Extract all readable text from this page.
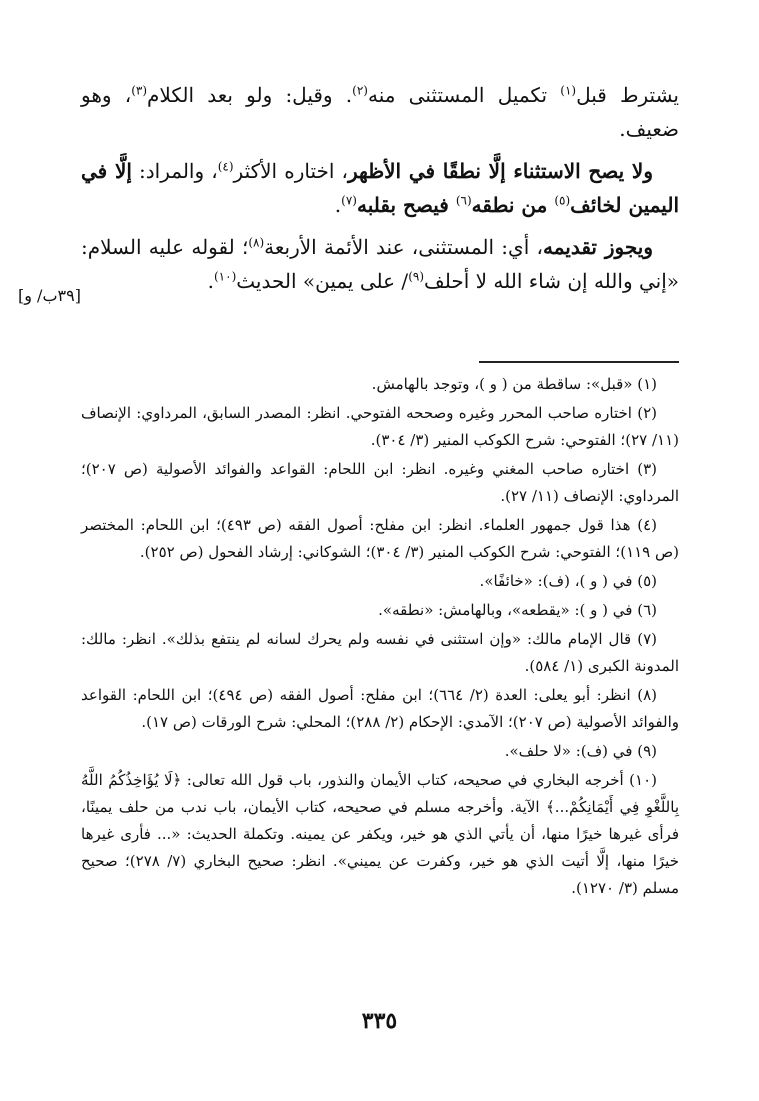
يشترط قبل$^{(١)}$ تكميل المستثنى منه$^{(٢)}$. وقيل: ولو بعد الكلام$^{(٣)}$، وهو ضعيف.

ولا يصح الاستثناء إلَّا نطقًا في الأظهر، اختاره الأكثر$^{(٤)}$، والمراد: إلَّا في اليمين لخائف$^{(٥)}$ من نطقه$^{(٦)}$ فيصح بقلبه$^{(٧)}$.

ويجوز تقديمه، أي: المستثنى، عند الأئمة الأربعة$^{(٨)}$؛ لقوله عليه السلام: «إني والله إن شاء الله لا أحلف$^{(٩)}$/ على يمين» الحديث$^{(١٠)}$.

[٣٩ب/ و]

(١) «قبل»: ساقطة من ( و )، وتوجد بالهامش.

(٢) اختاره صاحب المحرر وغيره وصححه الفتوحي. انظر: المصدر السابق، المرداوي: الإنصاف (١١/ ٢٧)؛ الفتوحي: شرح الكوكب المنير (٣/ ٣٠٤).

(٣) اختاره صاحب المغني وغيره. انظر: ابن اللحام: القواعد والفوائد الأصولية (ص ٢٠٧)؛ المرداوي: الإنصاف (١١/ ٢٧).

(٤) هذا قول جمهور العلماء. انظر: ابن مفلح: أصول الفقه (ص ٤٩٣)؛ ابن اللحام: المختصر (ص ١١٩)؛ الفتوحي: شرح الكوكب المنير (٣/ ٣٠٤)؛ الشوكاني: إرشاد الفحول (ص ٢٥٢).

(٥) في ( و )، (ف): «خائفًا».

(٦) في ( و ): «يقطعه»، وبالهامش: «نطقه».

(٧) قال الإمام مالك: «وإن استثنى في نفسه ولم يحرك لسانه لم ينتفع بذلك». انظر: مالك: المدونة الكبرى (١/ ٥٨٤).

(٨) انظر: أبو يعلى: العدة (٢/ ٦٦٤)؛ ابن مفلح: أصول الفقه (ص ٤٩٤)؛ ابن اللحام: القواعد والفوائد الأصولية (ص ٢٠٧)؛ الآمدي: الإحكام (٢/ ٢٨٨)؛ المحلي: شرح الورقات (ص ١٧).

(٩) في (ف): «لا حلف».

(١٠) أخرجه البخاري في صحيحه، كتاب الأيمان والنذور، باب قول الله تعالى: ﴿لَا يُؤَاخِذُكُمُ اللَّهُ بِاللَّغْوِ فِي أَيْمَانِكُمْ...﴾ الآية. وأخرجه مسلم في صحيحه، كتاب الأيمان، باب ندب من حلف يمينًا، فرأى غيرها خيرًا منها، أن يأتي الذي هو خير، ويكفر عن يمينه. وتكملة الحديث: «... فأرى غيرها خيرًا منها، إلَّا أتيت الذي هو خير، وكفرت عن يميني». انظر: صحيح البخاري (٧/ ٢٧٨)؛ صحيح مسلم (٣/ ١٢٧٠).

٣٣٥
